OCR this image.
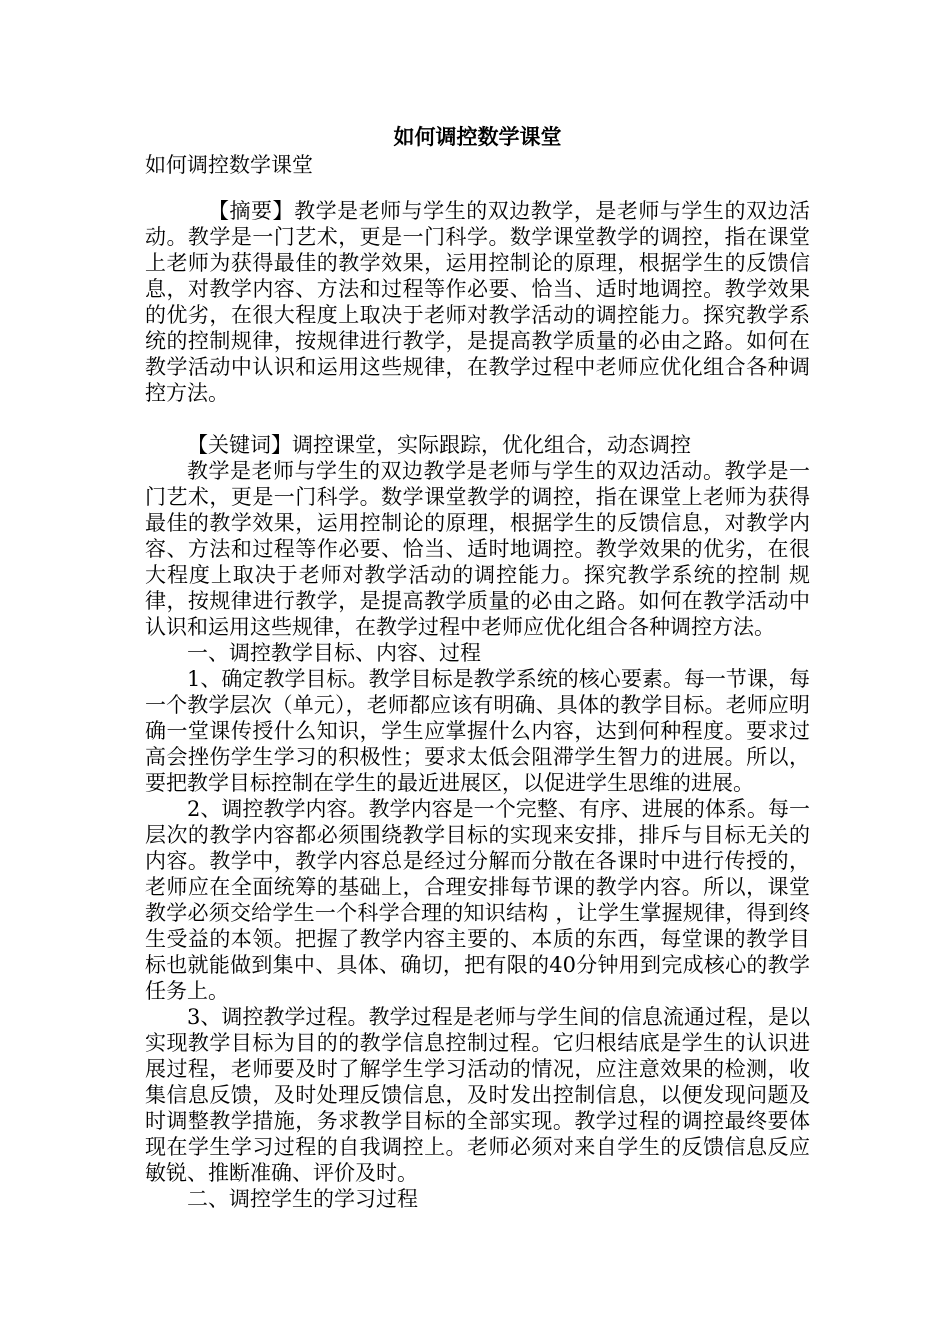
如何调控数学课堂

如何调控数学课堂

【摘要】教学是老师与学生的双边教学，是老师与学生的双边活动。教学是一门艺术，更是一门科学。数学课堂教学的调控，指在课堂上老师为获得最佳的教学效果，运用控制论的原理，根据学生的反馈信息，对教学内容、方法和过程等作必要、恰当、适时地调控。教学效果的优劣，在很大程度上取决于老师对教学活动的调控能力。探究教学系统的控制规律，按规律进行教学，是提高教学质量的必由之路。如何在教学活动中认识和运用这些规律，在教学过程中老师应优化组合各种调控方法。

【关键词】调控课堂，实际跟踪，优化组合，动态调控

教学是老师与学生的双边教学是老师与学生的双边活动。教学是一门艺术，更是一门科学。数学课堂教学的调控，指在课堂上老师为获得最佳的教学效果，运用控制论的原理，根据学生的反馈信息，对教学内容、方法和过程等作必要、恰当、适时地调控。教学效果的优劣，在很大程度上取决于老师对教学活动的调控能力。探究教学系统的控制 规律，按规律进行教学，是提高教学质量的必由之路。如何在教学活动中认识和运用这些规律，在教学过程中老师应优化组合各种调控方法。

一、调控教学目标、内容、过程

1、确定教学目标。教学目标是教学系统的核心要素。每一节课，每一个教学层次（单元），老师都应该有明确、具体的教学目标。老师应明确一堂课传授什么知识，学生应掌握什么内容，达到何种程度。要求过高会挫伤学生学习的积极性；要求太低会阻滞学生智力的进展。所以，要把教学目标控制在学生的最近进展区，以促进学生思维的进展。

2、调控教学内容。教学内容是一个完整、有序、进展的体系。每一层次的教学内容都必须围绕教学目标的实现来安排，排斥与目标无关的内容。教学中，教学内容总是经过分解而分散在各课时中进行传授的，老师应在全面统筹的基础上，合理安排每节课的教学内容。所以，课堂教学必须交给学生一个科学合理的知识结构 ，让学生掌握规律，得到终生受益的本领。把握了教学内容主要的、本质的东西，每堂课的教学目标也就能做到集中、具体、确切，把有限的40分钟用到完成核心的教学任务上。

3、调控教学过程。教学过程是老师与学生间的信息流通过程，是以实现教学目标为目的的教学信息控制过程。它归根结底是学生的认识进展过程，老师要及时了解学生学习活动的情况，应注意效果的检测，收集信息反馈，及时处理反馈信息，及时发出控制信息，以便发现问题及时调整教学措施，务求教学目标的全部实现。教学过程的调控最终要体现在学生学习过程的自我调控上。老师必须对来自学生的反馈信息反应敏锐、推断准确、评价及时。

二、调控学生的学习过程
